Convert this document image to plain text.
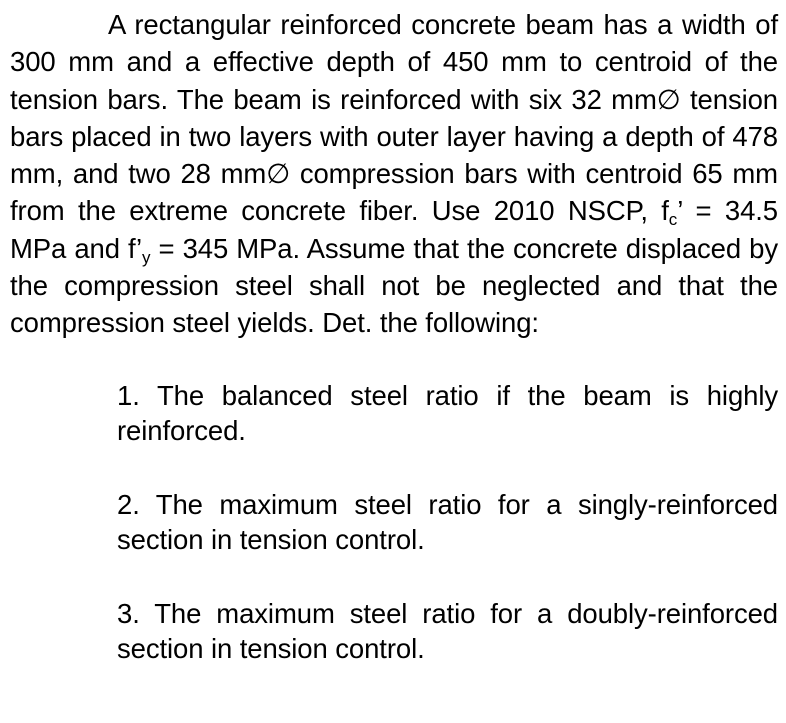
A rectangular reinforced concrete beam has a width of 300 mm and a effective depth of 450 mm to centroid of the tension bars. The beam is reinforced with six 32 mm∅ tension bars placed in two layers with outer layer having a depth of 478 mm, and two 28 mm∅ compression bars with centroid 65 mm from the extreme concrete fiber. Use 2010 NSCP, $f_c$’ = 34.5 MPa and $f’_y = 345$ MPa. Assume that the concrete displaced by the compression steel shall not be neglected and that the compression steel yields. Det. the following:

1. The balanced steel ratio if the beam is highly reinforced.
2. The maximum steel ratio for a singly-reinforced section in tension control.
3. The maximum steel ratio for a doubly-reinforced section in tension control.
